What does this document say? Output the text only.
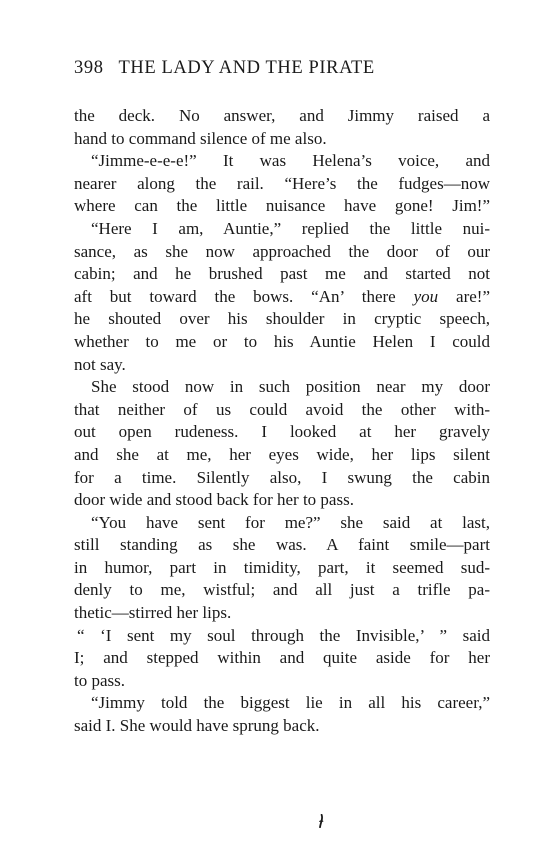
398 THE LADY AND THE PIRATE
the deck. No answer, and Jimmy raised a
hand to command silence of me also.
“Jimme-e-e-e!” It was Helena’s voice, and
nearer along the rail. “Here’s the fudges—now
where can the little nuisance have gone! Jim!”
“Here I am, Auntie,” replied the little nui-
sance, as she now approached the door of our
cabin; and he brushed past me and started not
aft but toward the bows. “An’ there you are!”
he shouted over his shoulder in cryptic speech,
whether to me or to his Auntie Helen I could
not say.
She stood now in such position near my door
that neither of us could avoid the other with-
out open rudeness. I looked at her gravely
and she at me, her eyes wide, her lips silent
for a time. Silently also, I swung the cabin
door wide and stood back for her to pass.
“You have sent for me?” she said at last,
still standing as she was. A faint smile—part
in humor, part in timidity, part, it seemed sud-
denly to me, wistful; and all just a trifle pa-
thetic—stirred her lips.
“ ‘I sent my soul through the Invisible,’ ” said
I; and stepped within and quite aside for her
to pass.
“Jimmy told the biggest lie in all his career,”
said I. She would have sprung back.
